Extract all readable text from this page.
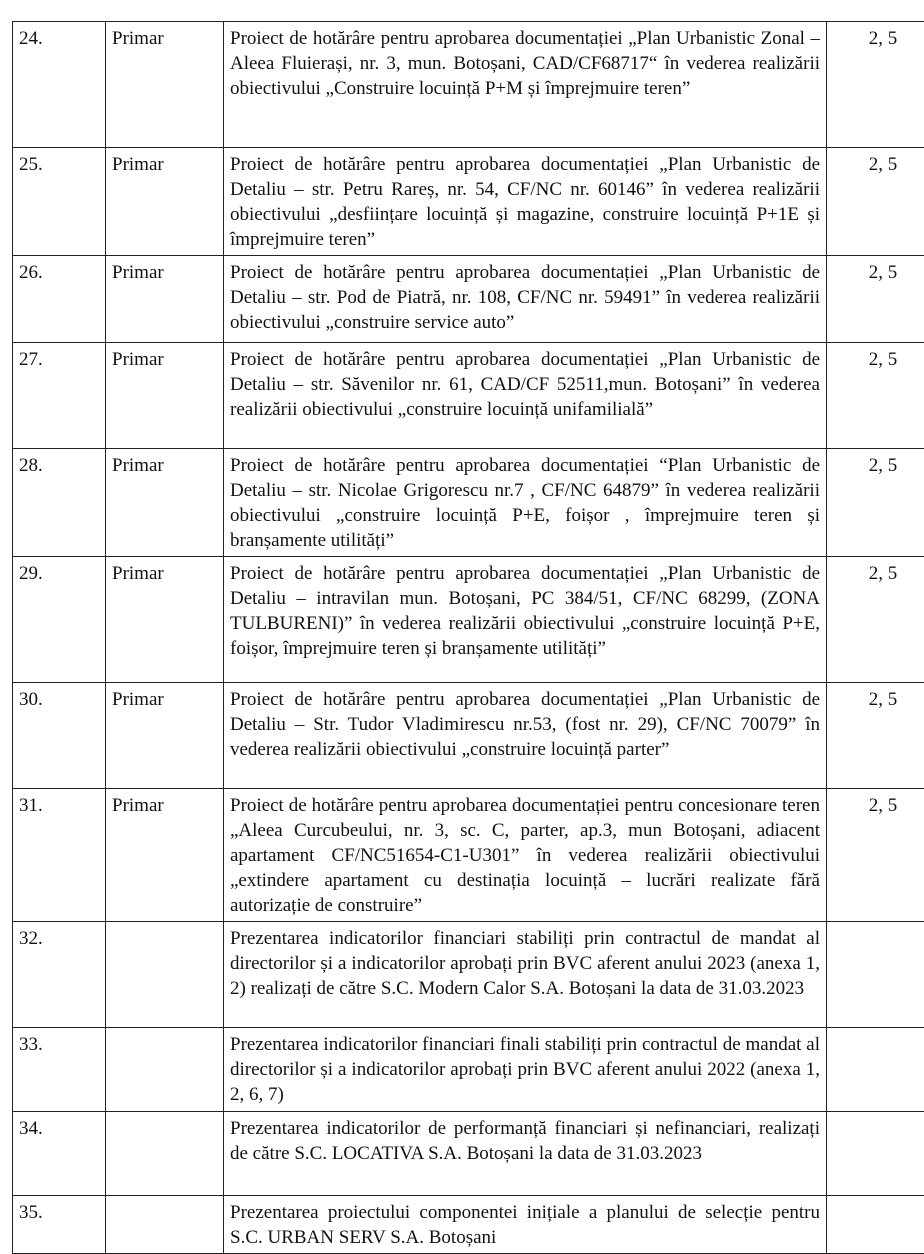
24.	Primar	Proiect de hotărâre pentru aprobarea documentației „Plan Urbanistic Zonal – Aleea Fluierași, nr. 3, mun. Botoșani, CAD/CF68717“ în vederea realizării obiectivului „Construire locuință P+M și împrejmuire teren”	2, 5
25.	Primar	Proiect de hotărâre pentru aprobarea documentației „Plan Urbanistic de Detaliu – str. Petru Rareș, nr. 54, CF/NC nr. 60146” în vederea realizării obiectivului „desființare locuință și magazine, construire locuință P+1E și împrejmuire teren”	2, 5
26.	Primar	Proiect de hotărâre pentru aprobarea documentației „Plan Urbanistic de Detaliu – str. Pod de Piatră, nr. 108, CF/NC nr. 59491” în vederea realizării obiectivului „construire service auto”	2, 5
27.	Primar	Proiect de hotărâre pentru aprobarea documentației „Plan Urbanistic de Detaliu – str. Săvenilor nr. 61, CAD/CF 52511,mun. Botoșani” în vederea realizării obiectivului „construire locuință unifamilială”	2, 5
28.	Primar	Proiect de hotărâre pentru aprobarea documentației “Plan Urbanistic de Detaliu – str. Nicolae Grigorescu nr.7 , CF/NC 64879” în vederea realizării obiectivului „construire locuință P+E, foișor , împrejmuire teren și branșamente utilități”	2, 5
29.	Primar	Proiect de hotărâre pentru aprobarea documentației „Plan Urbanistic de Detaliu – intravilan mun. Botoșani, PC 384/51, CF/NC 68299, (ZONA TULBURENI)” în vederea realizării obiectivului „construire locuință P+E, foișor, împrejmuire teren și branșamente utilități”	2, 5
30.	Primar	Proiect de hotărâre pentru aprobarea documentației „Plan Urbanistic de Detaliu – Str. Tudor Vladimirescu nr.53, (fost nr. 29), CF/NC 70079” în vederea realizării obiectivului „construire locuință parter”	2, 5
31.	Primar	Proiect de hotărâre pentru aprobarea documentației pentru concesionare teren „Aleea Curcubeului, nr. 3, sc. C, parter, ap.3, mun Botoșani, adiacent apartament CF/NC51654-C1-U301” în vederea realizării obiectivului „extindere apartament cu destinația locuință – lucrări realizate fără autorizație de construire”	2, 5
32.		Prezentarea indicatorilor financiari stabiliți prin contractul de mandat al directorilor și a indicatorilor aprobați prin BVC aferent anului 2023 (anexa 1, 2) realizați de către S.C. Modern Calor S.A. Botoșani la data de 31.03.2023	
33.		Prezentarea indicatorilor financiari finali stabiliți prin contractul de mandat al directorilor și a indicatorilor aprobați prin BVC aferent anului 2022 (anexa 1, 2, 6, 7)	
34.		Prezentarea indicatorilor de performanță financiari și nefinanciari, realizați de către S.C. LOCATIVA S.A. Botoșani la data de 31.03.2023	
35.		Prezentarea proiectului componentei inițiale a planului de selecție pentru S.C. URBAN SERV S.A. Botoșani	
